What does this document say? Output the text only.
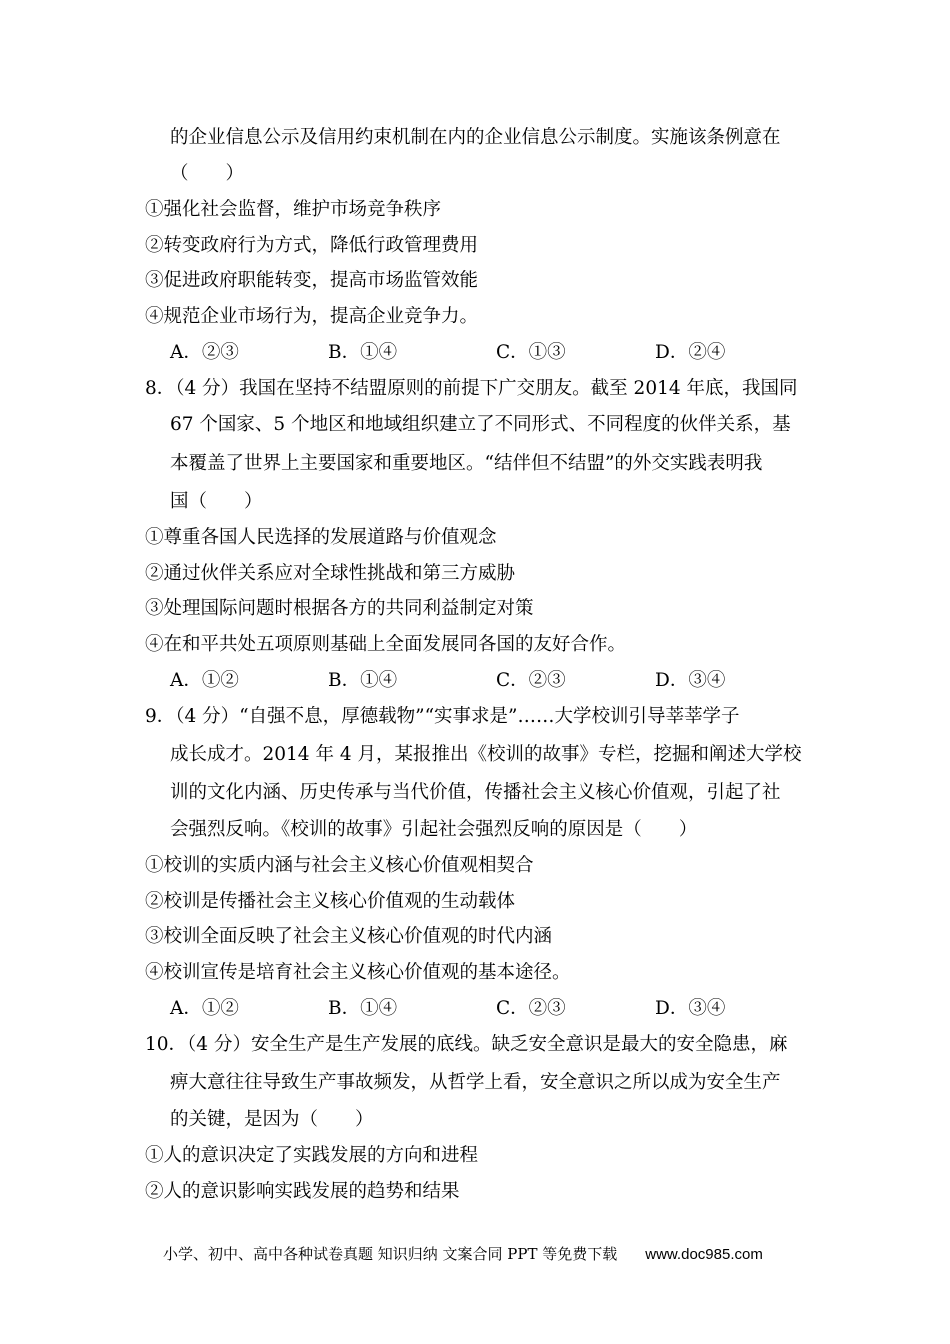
的企业信息公示及信用约束机制在内的企业信息公示制度。实施该条例意在
（　　）
①强化社会监督，维护市场竞争秩序
②转变政府行为方式，降低行政管理费用
③促进政府职能转变，提高市场监管效能
④规范企业市场行为，提高企业竞争力。
A．②③	B．①④	C．①③	D．②④
8．（4 分）我国在坚持不结盟原则的前提下广交朋友。截至 2014 年底，我国同
67 个国家、5 个地区和地域组织建立了不同形式、不同程度的伙伴关系，基
本覆盖了世界上主要国家和重要地区。“结伴但不结盟”的外交实践表明我
国（　　）
①尊重各国人民选择的发展道路与价值观念
②通过伙伴关系应对全球性挑战和第三方威胁
③处理国际问题时根据各方的共同利益制定对策
④在和平共处五项原则基础上全面发展同各国的友好合作。
A．①②	B．①④	C．②③	D．③④
9．（4 分）“自强不息，厚德载物”“实事求是”……大学校训引导莘莘学子
成长成才。2014 年 4 月，某报推出《校训的故事》专栏，挖掘和阐述大学校
训的文化内涵、历史传承与当代价值，传播社会主义核心价值观，引起了社
会强烈反响。《校训的故事》引起社会强烈反响的原因是（　　）
①校训的实质内涵与社会主义核心价值观相契合
②校训是传播社会主义核心价值观的生动载体
③校训全面反映了社会主义核心价值观的时代内涵
④校训宣传是培育社会主义核心价值观的基本途径。
A．①②	B．①④	C．②③	D．③④
10．（4 分）安全生产是生产发展的底线。缺乏安全意识是最大的安全隐患，麻
痹大意往往导致生产事故频发，从哲学上看，安全意识之所以成为安全生产
的关键，是因为（　　）
①人的意识决定了实践发展的方向和进程
②人的意识影响实践发展的趋势和结果
小学、初中、高中各种试卷真题 知识归纳 文案合同 PPT 等免费下载 www.doc985.com
